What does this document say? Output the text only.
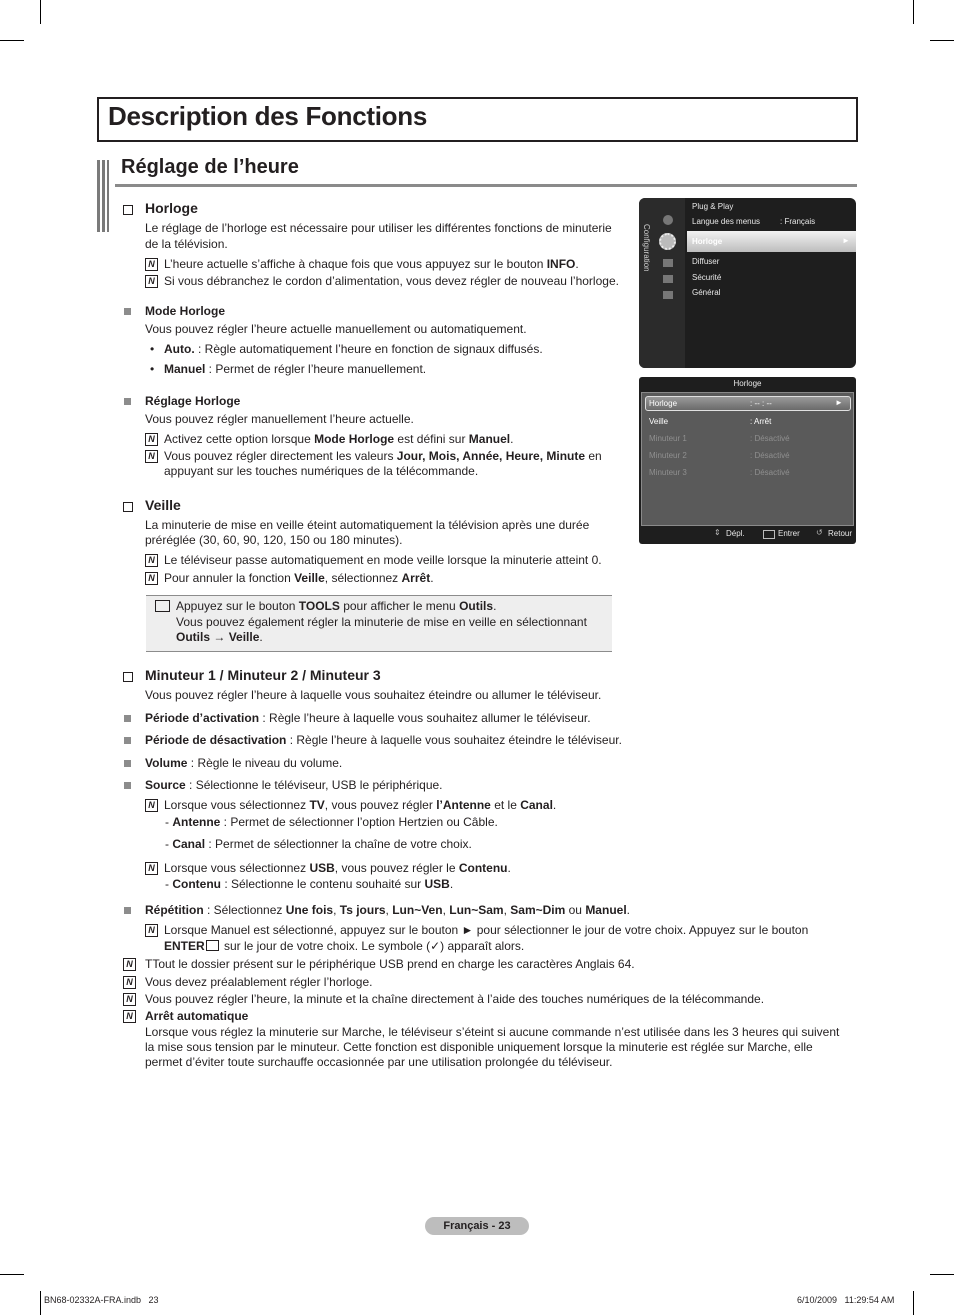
Description des Fonctions
Réglage de l’heure
Horloge
Le réglage de l’horloge est nécessaire pour utiliser les différentes fonctions de minuterie
de la télévision.
N L’heure actuelle s’affiche à chaque fois que vous appuyez sur le bouton INFO.
N Si vous débranchez le cordon d’alimentation, vous devez régler de nouveau l’horloge.
Mode Horloge
Vous pouvez régler l’heure actuelle manuellement ou automatiquement.
• Auto. : Règle automatiquement l’heure en fonction de signaux diffusés.
• Manuel : Permet de régler l’heure manuellement.
Réglage Horloge
Vous pouvez régler manuellement l’heure actuelle.
N Activez cette option lorsque Mode Horloge est défini sur Manuel.
N Vous pouvez régler directement les valeurs Jour, Mois, Année, Heure, Minute en
appuyant sur les touches numériques de la télécommande.
Veille
La minuterie de mise en veille éteint automatiquement la télévision après une durée
préréglée (30, 60, 90, 120, 150 ou 180 minutes).
N Le téléviseur passe automatiquement en mode veille lorsque la minuterie atteint 0.
N Pour annuler la fonction Veille, sélectionnez Arrêt.
Appuyez sur le bouton TOOLS pour afficher le menu Outils.
Vous pouvez également régler la minuterie de mise en veille en sélectionnant
Outils → Veille.
Minuteur 1 / Minuteur 2 / Minuteur 3
Vous pouvez régler l’heure à laquelle vous souhaitez éteindre ou allumer le téléviseur.
Période d’activation : Règle l’heure à laquelle vous souhaitez allumer le téléviseur.
Période de désactivation : Règle l’heure à laquelle vous souhaitez éteindre le téléviseur.
Volume : Règle le niveau du volume.
Source : Sélectionne le téléviseur, USB le périphérique.
N Lorsque vous sélectionnez TV, vous pouvez régler l’Antenne et le Canal.
- Antenne : Permet de sélectionner l’option Hertzien ou Câble.
- Canal : Permet de sélectionner la chaîne de votre choix.
N Lorsque vous sélectionnez USB, vous pouvez régler le Contenu.
- Contenu : Sélectionne le contenu souhaité sur USB.
Répétition : Sélectionnez Une fois, Ts jours, Lun~Ven, Lun~Sam, Sam~Dim ou Manuel.
N Lorsque Manuel est sélectionné, appuyez sur le bouton ► pour sélectionner le jour de votre choix. Appuyez sur le bouton
ENTER sur le jour de votre choix. Le symbole (✓) apparaît alors.
N TTout le dossier présent sur le périphérique USB prend en charge les caractères Anglais 64.
N Vous devez préalablement régler l’horloge.
N Vous pouvez régler l’heure, la minute et la chaîne directement à l’aide des touches numériques de la télécommande.
N Arrêt automatique
Lorsque vous réglez la minuterie sur Marche, le téléviseur s’éteint si aucune commande n’est utilisée dans les 3 heures qui suivent
la mise sous tension par le minuteur. Cette fonction est disponible uniquement lorsque la minuterie est réglée sur Marche, elle
permet d’éviter toute surchauffe occasionnée par une utilisation prolongée du téléviseur.
Configuration
Plug & Play
Langue des menus : Français
Horloge	►
Diffuser
Sécurité
Général
Horloge
Horloge	: -- : --	►
Veille	: Arrêt
Minuteur 1	: Désactivé
Minuteur 2	: Désactivé
Minuteur 3	: Désactivé
⇕ Dépl.	Entrer ↺ Retour
Français - 23
BN68-02332A-FRA.indb   23	6/10/2009   11:29:54 AM
